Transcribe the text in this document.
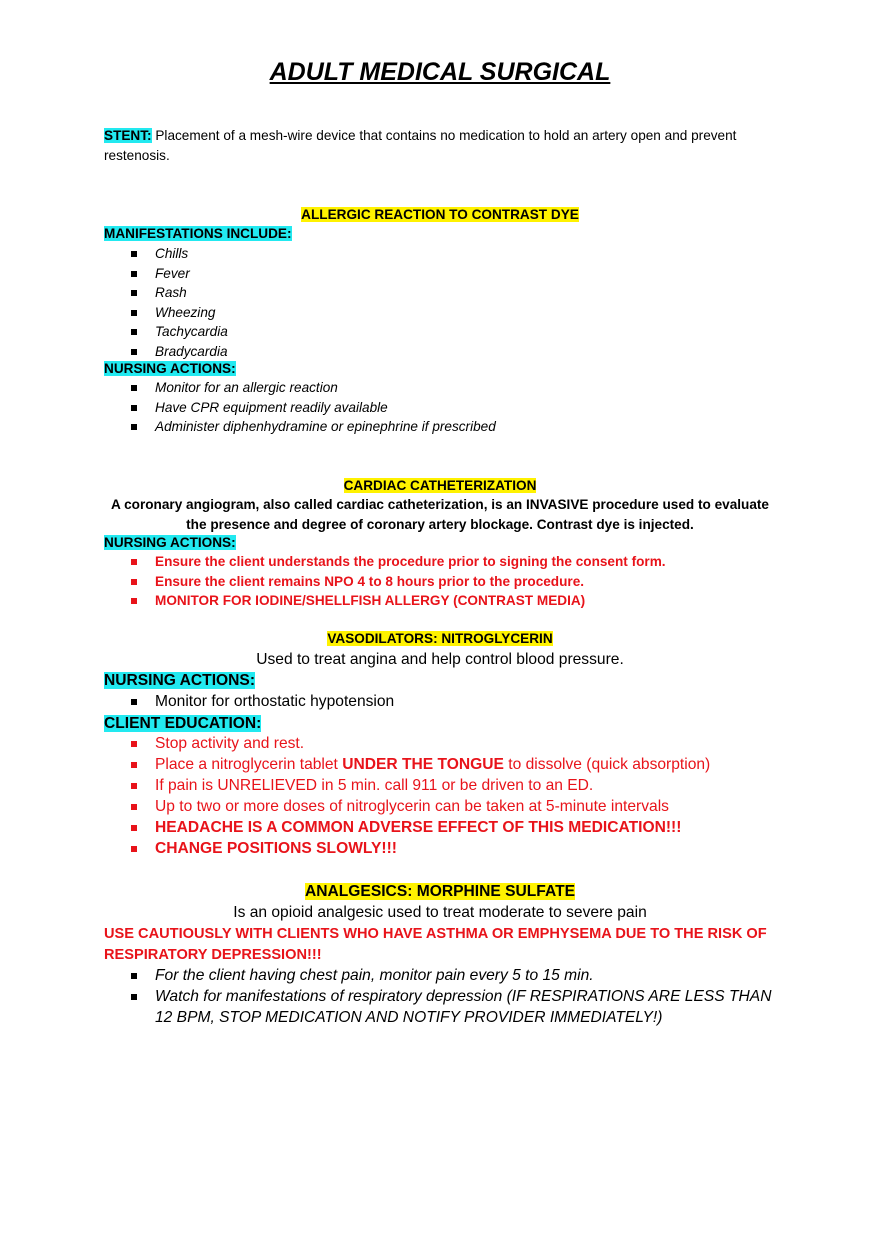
ADULT MEDICAL SURGICAL
STENT: Placement of a mesh-wire device that contains no medication to hold an artery open and prevent restenosis.
ALLERGIC REACTION TO CONTRAST DYE
MANIFESTATIONS INCLUDE:
Chills
Fever
Rash
Wheezing
Tachycardia
Bradycardia
NURSING ACTIONS:
Monitor for an allergic reaction
Have CPR equipment readily available
Administer diphenhydramine or epinephrine if prescribed
CARDIAC CATHETERIZATION
A coronary angiogram, also called cardiac catheterization, is an INVASIVE procedure used to evaluate the presence and degree of coronary artery blockage. Contrast dye is injected.
NURSING ACTIONS:
Ensure the client understands the procedure prior to signing the consent form.
Ensure the client remains NPO 4 to 8 hours prior to the procedure.
MONITOR FOR IODINE/SHELLFISH ALLERGY (CONTRAST MEDIA)
VASODILATORS: NITROGLYCERIN
Used to treat angina and help control blood pressure.
NURSING ACTIONS:
Monitor for orthostatic hypotension
CLIENT EDUCATION:
Stop activity and rest.
Place a nitroglycerin tablet UNDER THE TONGUE to dissolve (quick absorption)
If pain is UNRELIEVED in 5 min. call 911 or be driven to an ED.
Up to two or more doses of nitroglycerin can be taken at 5-minute intervals
HEADACHE IS A COMMON ADVERSE EFFECT OF THIS MEDICATION!!!
CHANGE POSITIONS SLOWLY!!!
ANALGESICS: MORPHINE SULFATE
Is an opioid analgesic used to treat moderate to severe pain
USE CAUTIOUSLY WITH CLIENTS WHO HAVE ASTHMA OR EMPHYSEMA DUE TO THE RISK OF RESPIRATORY DEPRESSION!!!
For the client having chest pain, monitor pain every 5 to 15 min.
Watch for manifestations of respiratory depression (IF RESPIRATIONS ARE LESS THAN 12 BPM, STOP MEDICATION AND NOTIFY PROVIDER IMMEDIATELY!)
